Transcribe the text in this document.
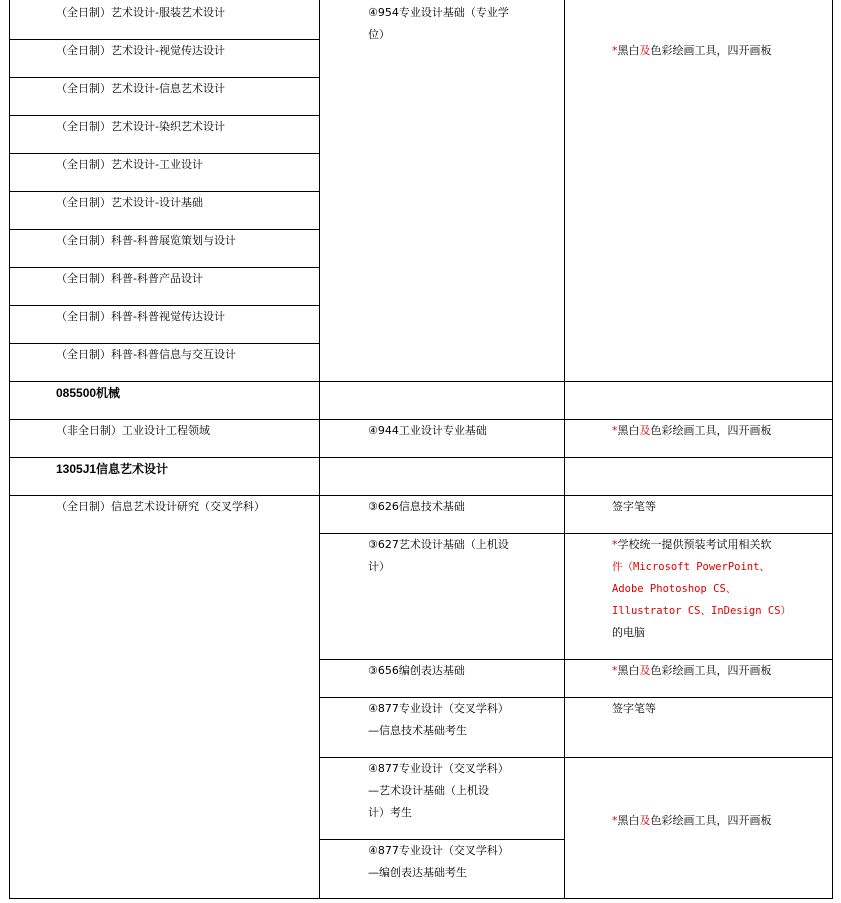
（全日制）艺术设计-服装艺术设计
（全日制）艺术设计-视觉传达设计
（全日制）艺术设计-信息艺术设计
（全日制）艺术设计-染织艺术设计
（全日制）艺术设计-工业设计
（全日制）艺术设计-设计基础
（全日制）科普-科普展览策划与设计
（全日制）科普-科普产品设计
（全日制）科普-科普视觉传达设计
（全日制）科普-科普信息与交互设计
085500机械
（非全日制）工业设计工程领域
1305J1信息艺术设计
（全日制）信息艺术设计研究（交叉学科）
④954专业设计基础（专业学
位）
④944工业设计专业基础
③626信息技术基础
③627艺术设计基础（上机设
计）
③656编创表达基础
④877专业设计（交叉学科）
—信息技术基础考生
④877专业设计（交叉学科）
—艺术设计基础（上机设
计）考生
④877专业设计（交叉学科）
—编创表达基础考生
*黑白及色彩绘画工具，四开画板
*黑白及色彩绘画工具，四开画板
签字笔等
*学校统一提供预装考试用相关软
件（Microsoft PowerPoint、
Adobe Photoshop CS、
Illustrator CS、InDesign CS）
的电脑
*黑白及色彩绘画工具，四开画板
签字笔等
*黑白及色彩绘画工具，四开画板
